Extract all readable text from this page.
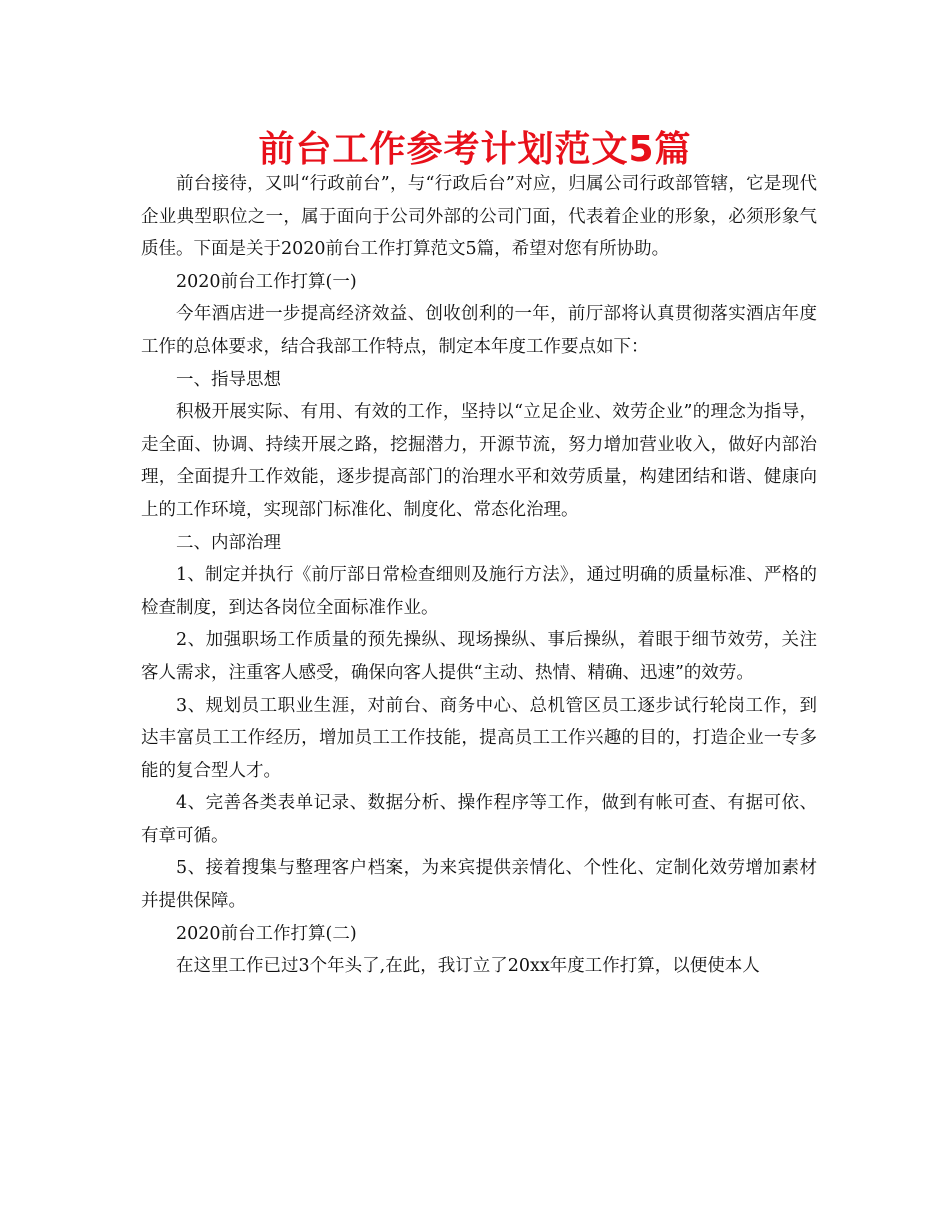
前台工作参考计划范文5篇

前台接待，又叫“行政前台”，与“行政后台”对应，归属公司行政部管辖，它是现代企业典型职位之一，属于面向于公司外部的公司门面，代表着企业的形象，必须形象气质佳。下面是关于2020前台工作打算范文5篇，希望对您有所协助。

2020前台工作打算(一)

今年酒店进一步提高经济效益、创收创利的一年，前厅部将认真贯彻落实酒店年度工作的总体要求，结合我部工作特点，制定本年度工作要点如下：

一、指导思想

积极开展实际、有用、有效的工作，坚持以“立足企业、效劳企业”的理念为指导，走全面、协调、持续开展之路，挖掘潜力，开源节流，努力增加营业收入，做好内部治理，全面提升工作效能，逐步提高部门的治理水平和效劳质量，构建团结和谐、健康向上的工作环境，实现部门标准化、制度化、常态化治理。

二、内部治理

1、制定并执行《前厅部日常检查细则及施行方法》，通过明确的质量标准、严格的检查制度，到达各岗位全面标准作业。

2、加强职场工作质量的预先操纵、现场操纵、事后操纵，着眼于细节效劳，关注客人需求，注重客人感受，确保向客人提供“主动、热情、精确、迅速”的效劳。

3、规划员工职业生涯，对前台、商务中心、总机管区员工逐步试行轮岗工作，到达丰富员工工作经历，增加员工工作技能，提高员工工作兴趣的目的，打造企业一专多能的复合型人才。

4、完善各类表单记录、数据分析、操作程序等工作，做到有帐可查、有据可依、有章可循。

5、接着搜集与整理客户档案，为来宾提供亲情化、个性化、定制化效劳增加素材并提供保障。

2020前台工作打算(二)

在这里工作已过3个年头了,在此，我订立了20xx年度工作打算，以便使本人
